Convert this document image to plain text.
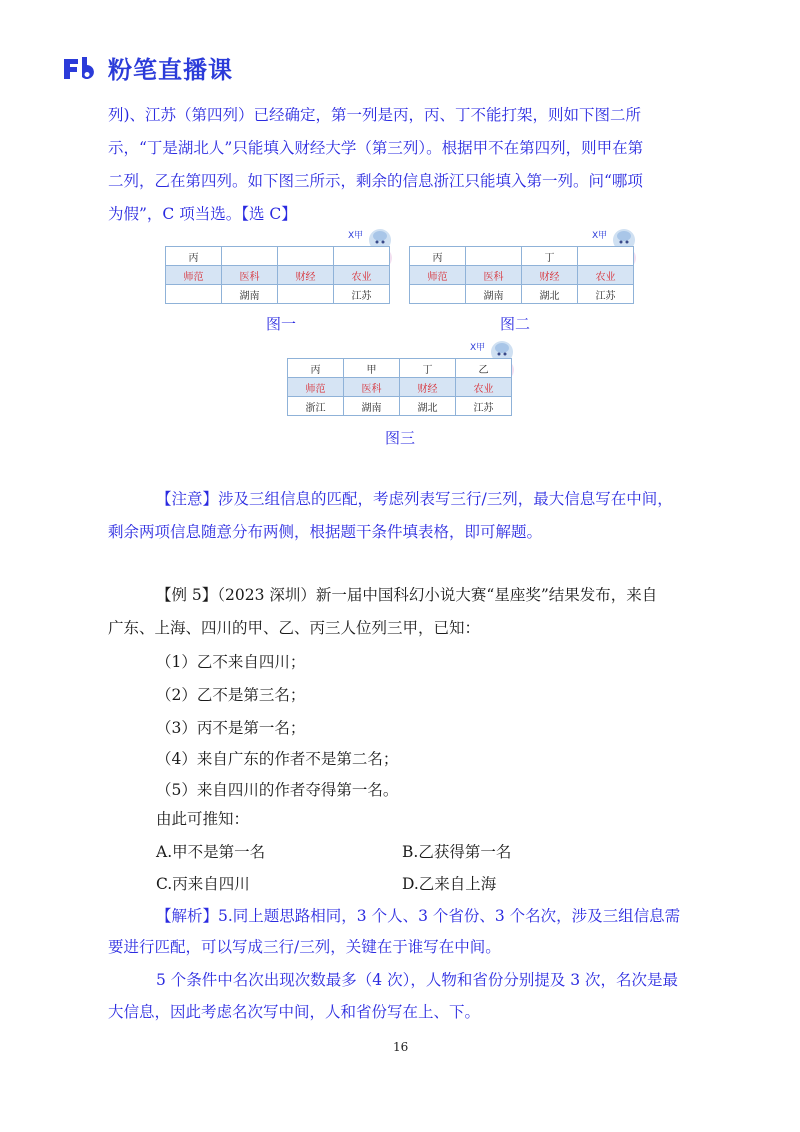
粉笔直播课
列)、江苏（第四列）已经确定，第一列是丙，丙、丁不能打架，则如下图二所
示，“丁是湖北人”只能填入财经大学（第三列）。根据甲不在第四列，则甲在第
二列，乙在第四列。如下图三所示，剩余的信息浙江只能填入第一列。问“哪项
为假”，C 项当选。【选 C】
X甲
丙			
师范	医科	财经	农业
	湖南		江苏
图一
X甲
丙		丁	
师范	医科	财经	农业
	湖南	湖北	江苏
图二
X甲
丙	甲	丁	乙
师范	医科	财经	农业
浙江	湖南	湖北	江苏
图三
【注意】涉及三组信息的匹配，考虑列表写三行/三列，最大信息写在中间，
剩余两项信息随意分布两侧，根据题干条件填表格，即可解题。
【例 5】（2023 深圳）新一届中国科幻小说大赛“星座奖”结果发布，来自
广东、上海、四川的甲、乙、丙三人位列三甲，已知：
（1）乙不来自四川；
（2）乙不是第三名；
（3）丙不是第一名；
（4）来自广东的作者不是第二名；
（5）来自四川的作者夺得第一名。
由此可推知：
A.甲不是第一名	B.乙获得第一名
C.丙来自四川	D.乙来自上海
【解析】5.同上题思路相同，3 个人、3 个省份、3 个名次，涉及三组信息需
要进行匹配，可以写成三行/三列，关键在于谁写在中间。
5 个条件中名次出现次数最多（4 次），人物和省份分别提及 3 次，名次是最
大信息，因此考虑名次写中间，人和省份写在上、下。
16
